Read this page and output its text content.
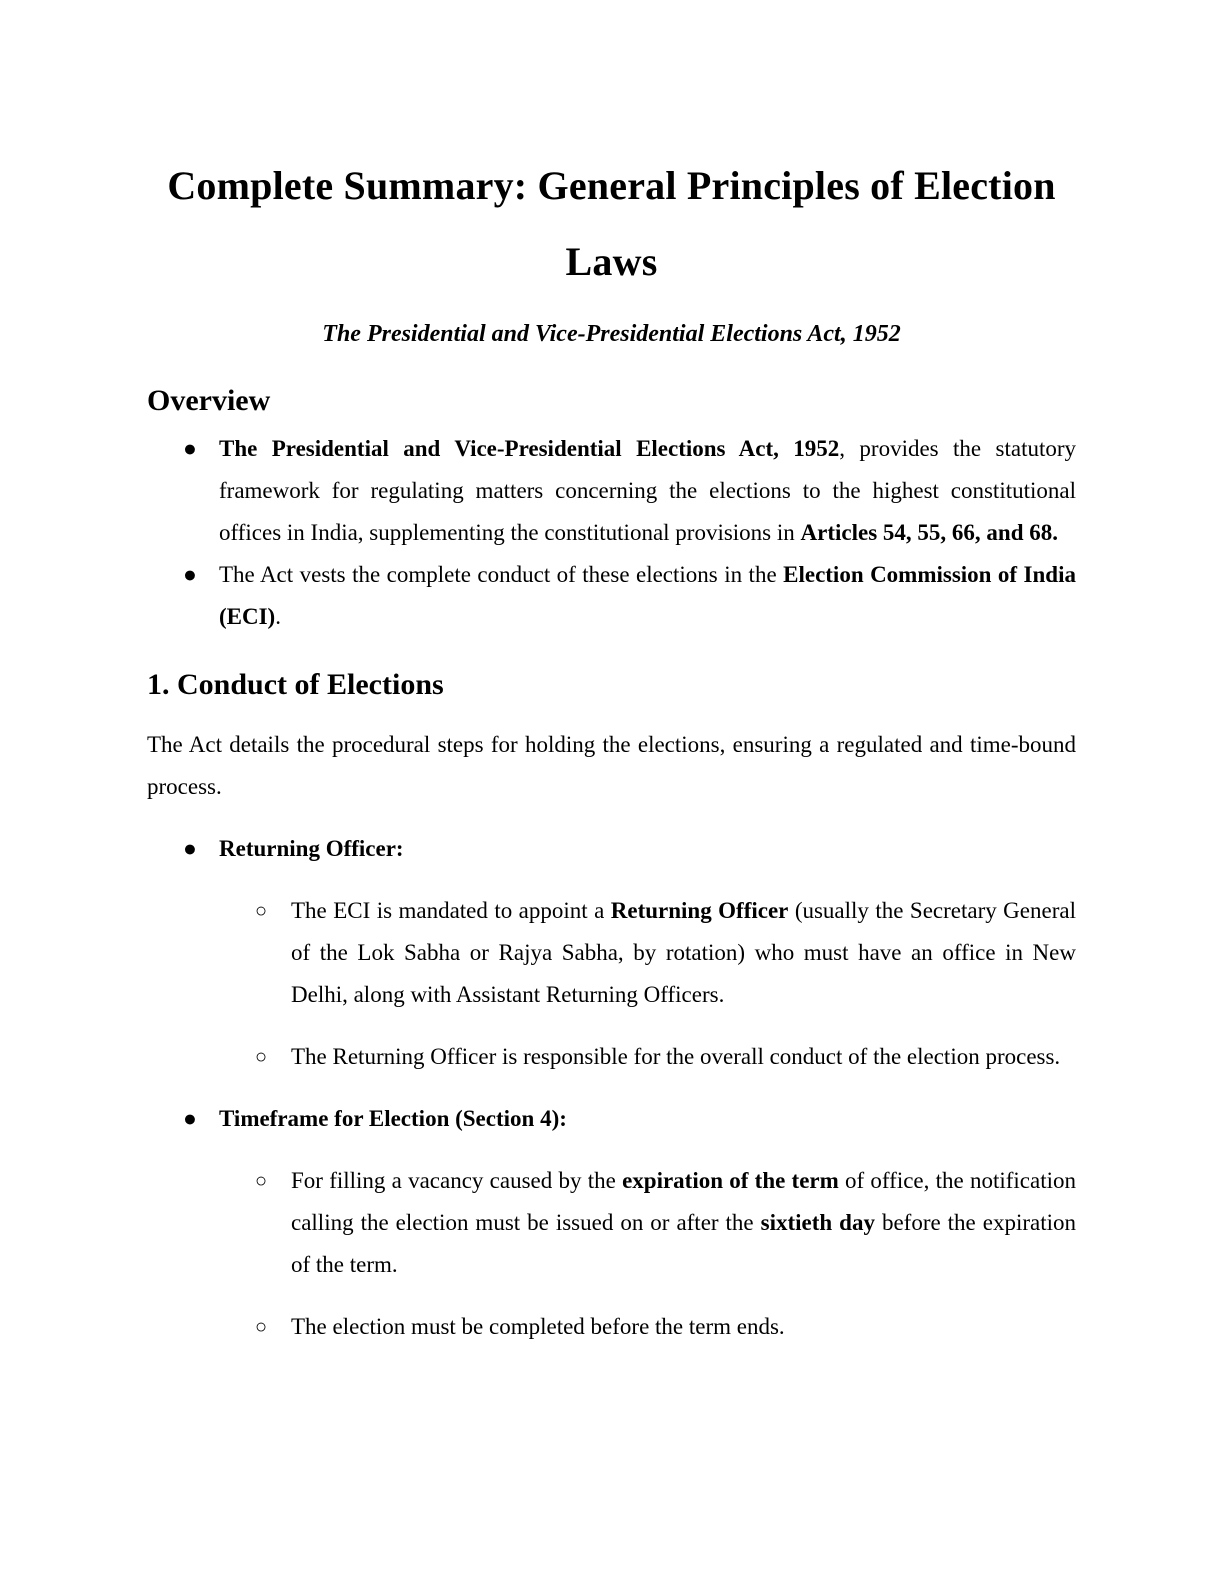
Complete Summary: General Principles of Election Laws
The Presidential and Vice-Presidential Elections Act, 1952
Overview
● The Presidential and Vice-Presidential Elections Act, 1952, provides the statutory framework for regulating matters concerning the elections to the highest constitutional offices in India, supplementing the constitutional provisions in Articles 54, 55, 66, and 68.
● The Act vests the complete conduct of these elections in the Election Commission of India (ECI).
1. Conduct of Elections
The Act details the procedural steps for holding the elections, ensuring a regulated and time-bound process.
● Returning Officer:
○	The ECI is mandated to appoint a Returning Officer (usually the Secretary General of the Lok Sabha or Rajya Sabha, by rotation) who must have an office in New Delhi, along with Assistant Returning Officers.
○	The Returning Officer is responsible for the overall conduct of the election process.
● Timeframe for Election (Section 4):
○	For filling a vacancy caused by the expiration of the term of office, the notification calling the election must be issued on or after the sixtieth day before the expiration of the term.
○	The election must be completed before the term ends.
